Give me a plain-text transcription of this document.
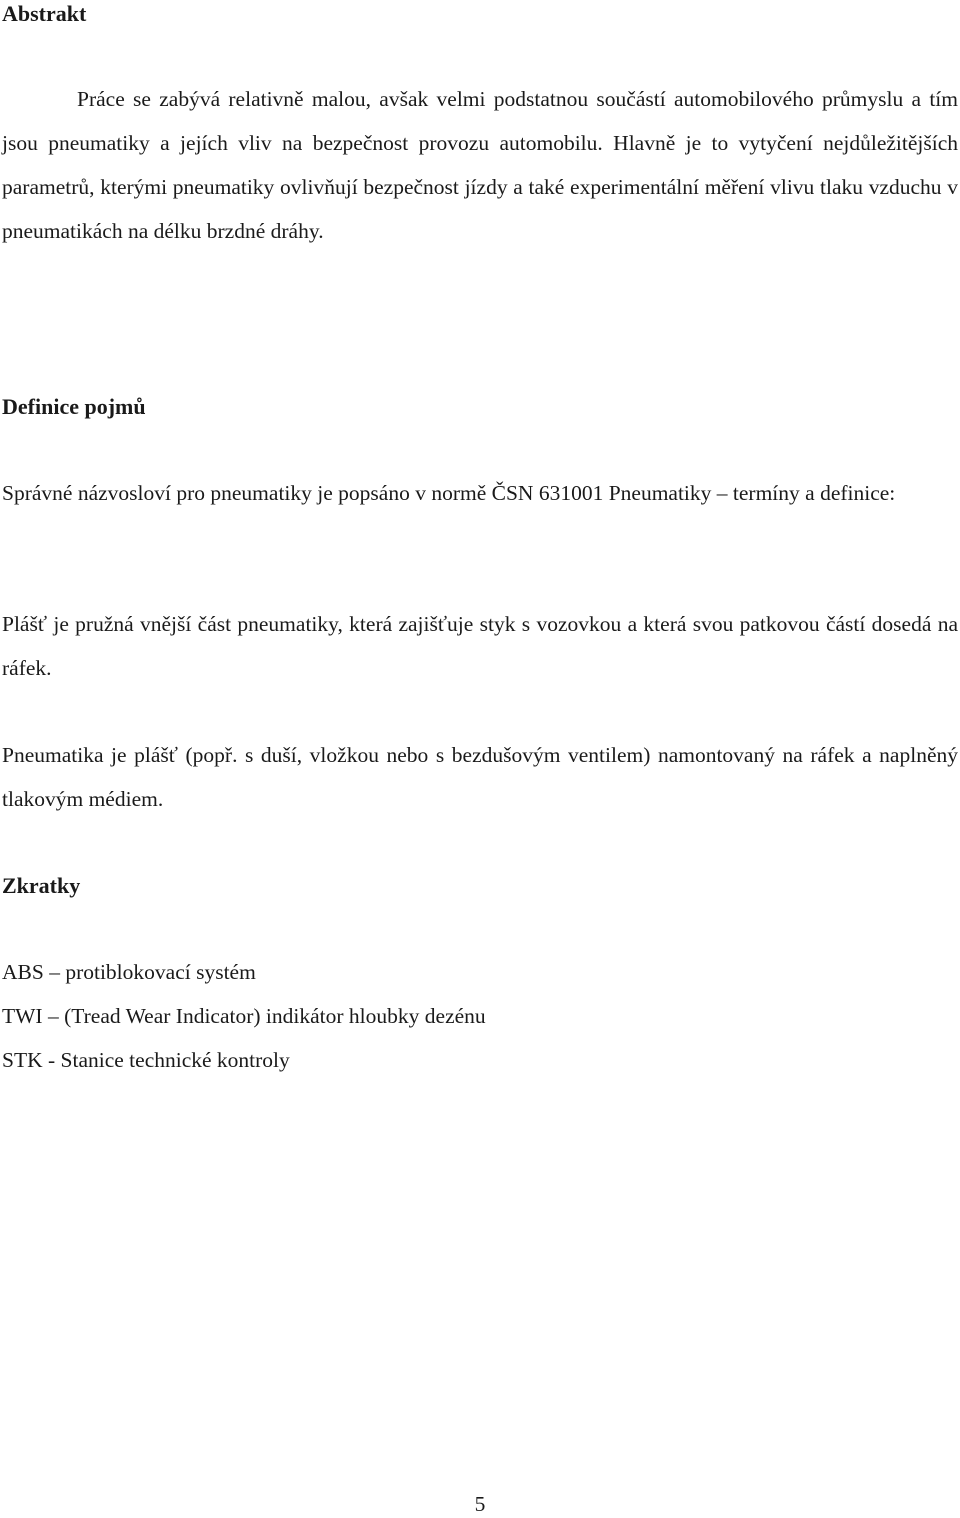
Abstrakt

Práce se zabývá relativně malou, avšak velmi podstatnou součástí automobilového průmyslu a tím jsou pneumatiky a jejích vliv na bezpečnost provozu automobilu. Hlavně je to vytyčení nejdůležitějších parametrů, kterými pneumatiky ovlivňují bezpečnost jízdy a také experimentální měření vlivu tlaku vzduchu v pneumatikách na délku brzdné dráhy.

Definice pojmů

Správné názvosloví pro pneumatiky je popsáno v normě ČSN 631001 Pneumatiky – termíny a definice:

Plášť je pružná vnější část pneumatiky, která zajišťuje styk s vozovkou a která svou patkovou částí dosedá na ráfek.

Pneumatika je plášť (popř. s duší, vložkou nebo s bezdušovým ventilem) namontovaný na ráfek a naplněný tlakovým médiem.

Zkratky
ABS – protiblokovací systém
TWI – (Tread Wear Indicator) indikátor hloubky dezénu
STK - Stanice technické kontroly
5
